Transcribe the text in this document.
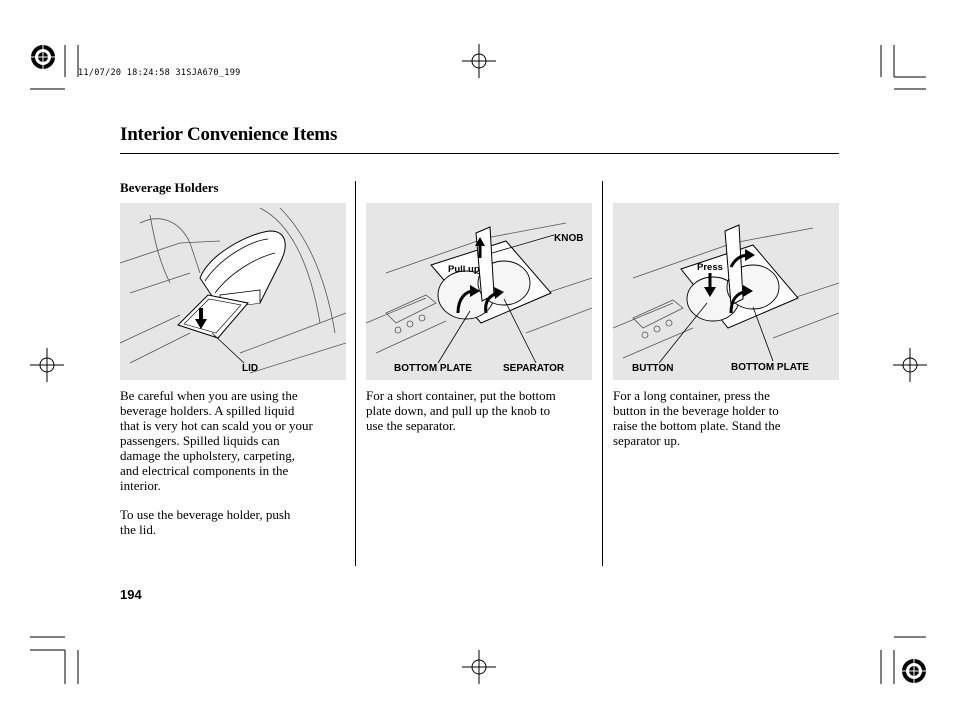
11/07/20 18:24:58 31SJA670_199
Interior Convenience Items
Beverage Holders
LID
KNOB
Pull up
BOTTOM PLATE	SEPARATOR
Press
BUTTON	BOTTOM PLATE

Be careful when you are using the
beverage holders. A spilled liquid
that is very hot can scald you or your
passengers. Spilled liquids can
damage the upholstery, carpeting,
and electrical components in the
interior.

To use the beverage holder, push
the lid.

For a short container, put the bottom
plate down, and pull up the knob to
use the separator.

For a long container, press the
button in the beverage holder to
raise the bottom plate. Stand the
separator up.

194
